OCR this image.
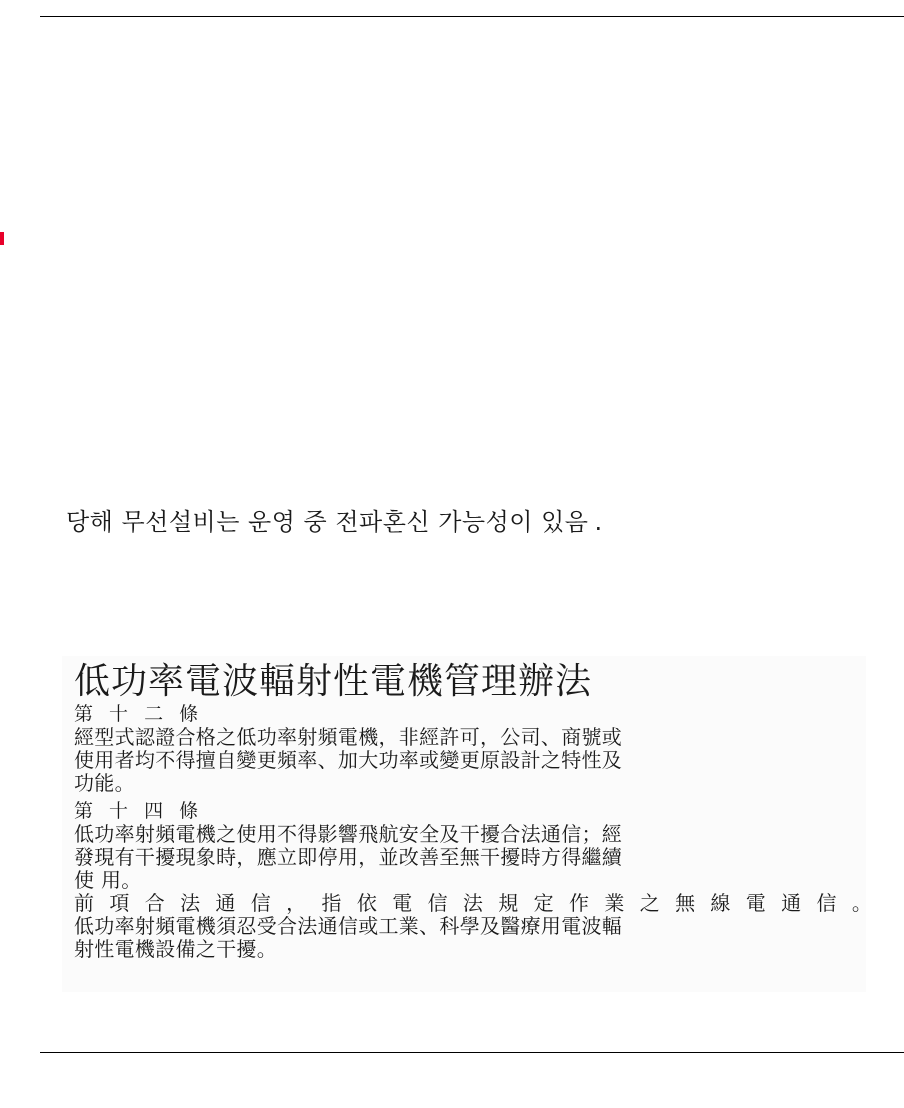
당해 무선설비는 운영 중 전파혼신 가능성이 있음 .
低功率電波輻射性電機管理辦法
第 十 二 條
經型式認證合格之低功率射頻電機，非經許可，公司、商號或
使用者均不得擅自變更頻率、加大功率或變更原設計之特性及
功能。
第 十 四 條
低功率射頻電機之使用不得影響飛航安全及干擾合法通信；經
發現有干擾現象時，應立即停用，並改善至無干擾時方得繼續
使 用。
前 項 合 法 通 信 ， 指 依 電 信 法 規 定 作 業 之 無 線 電 通 信 。
低功率射頻電機須忍受合法通信或工業、科學及醫療用電波輻
射性電機設備之干擾。
